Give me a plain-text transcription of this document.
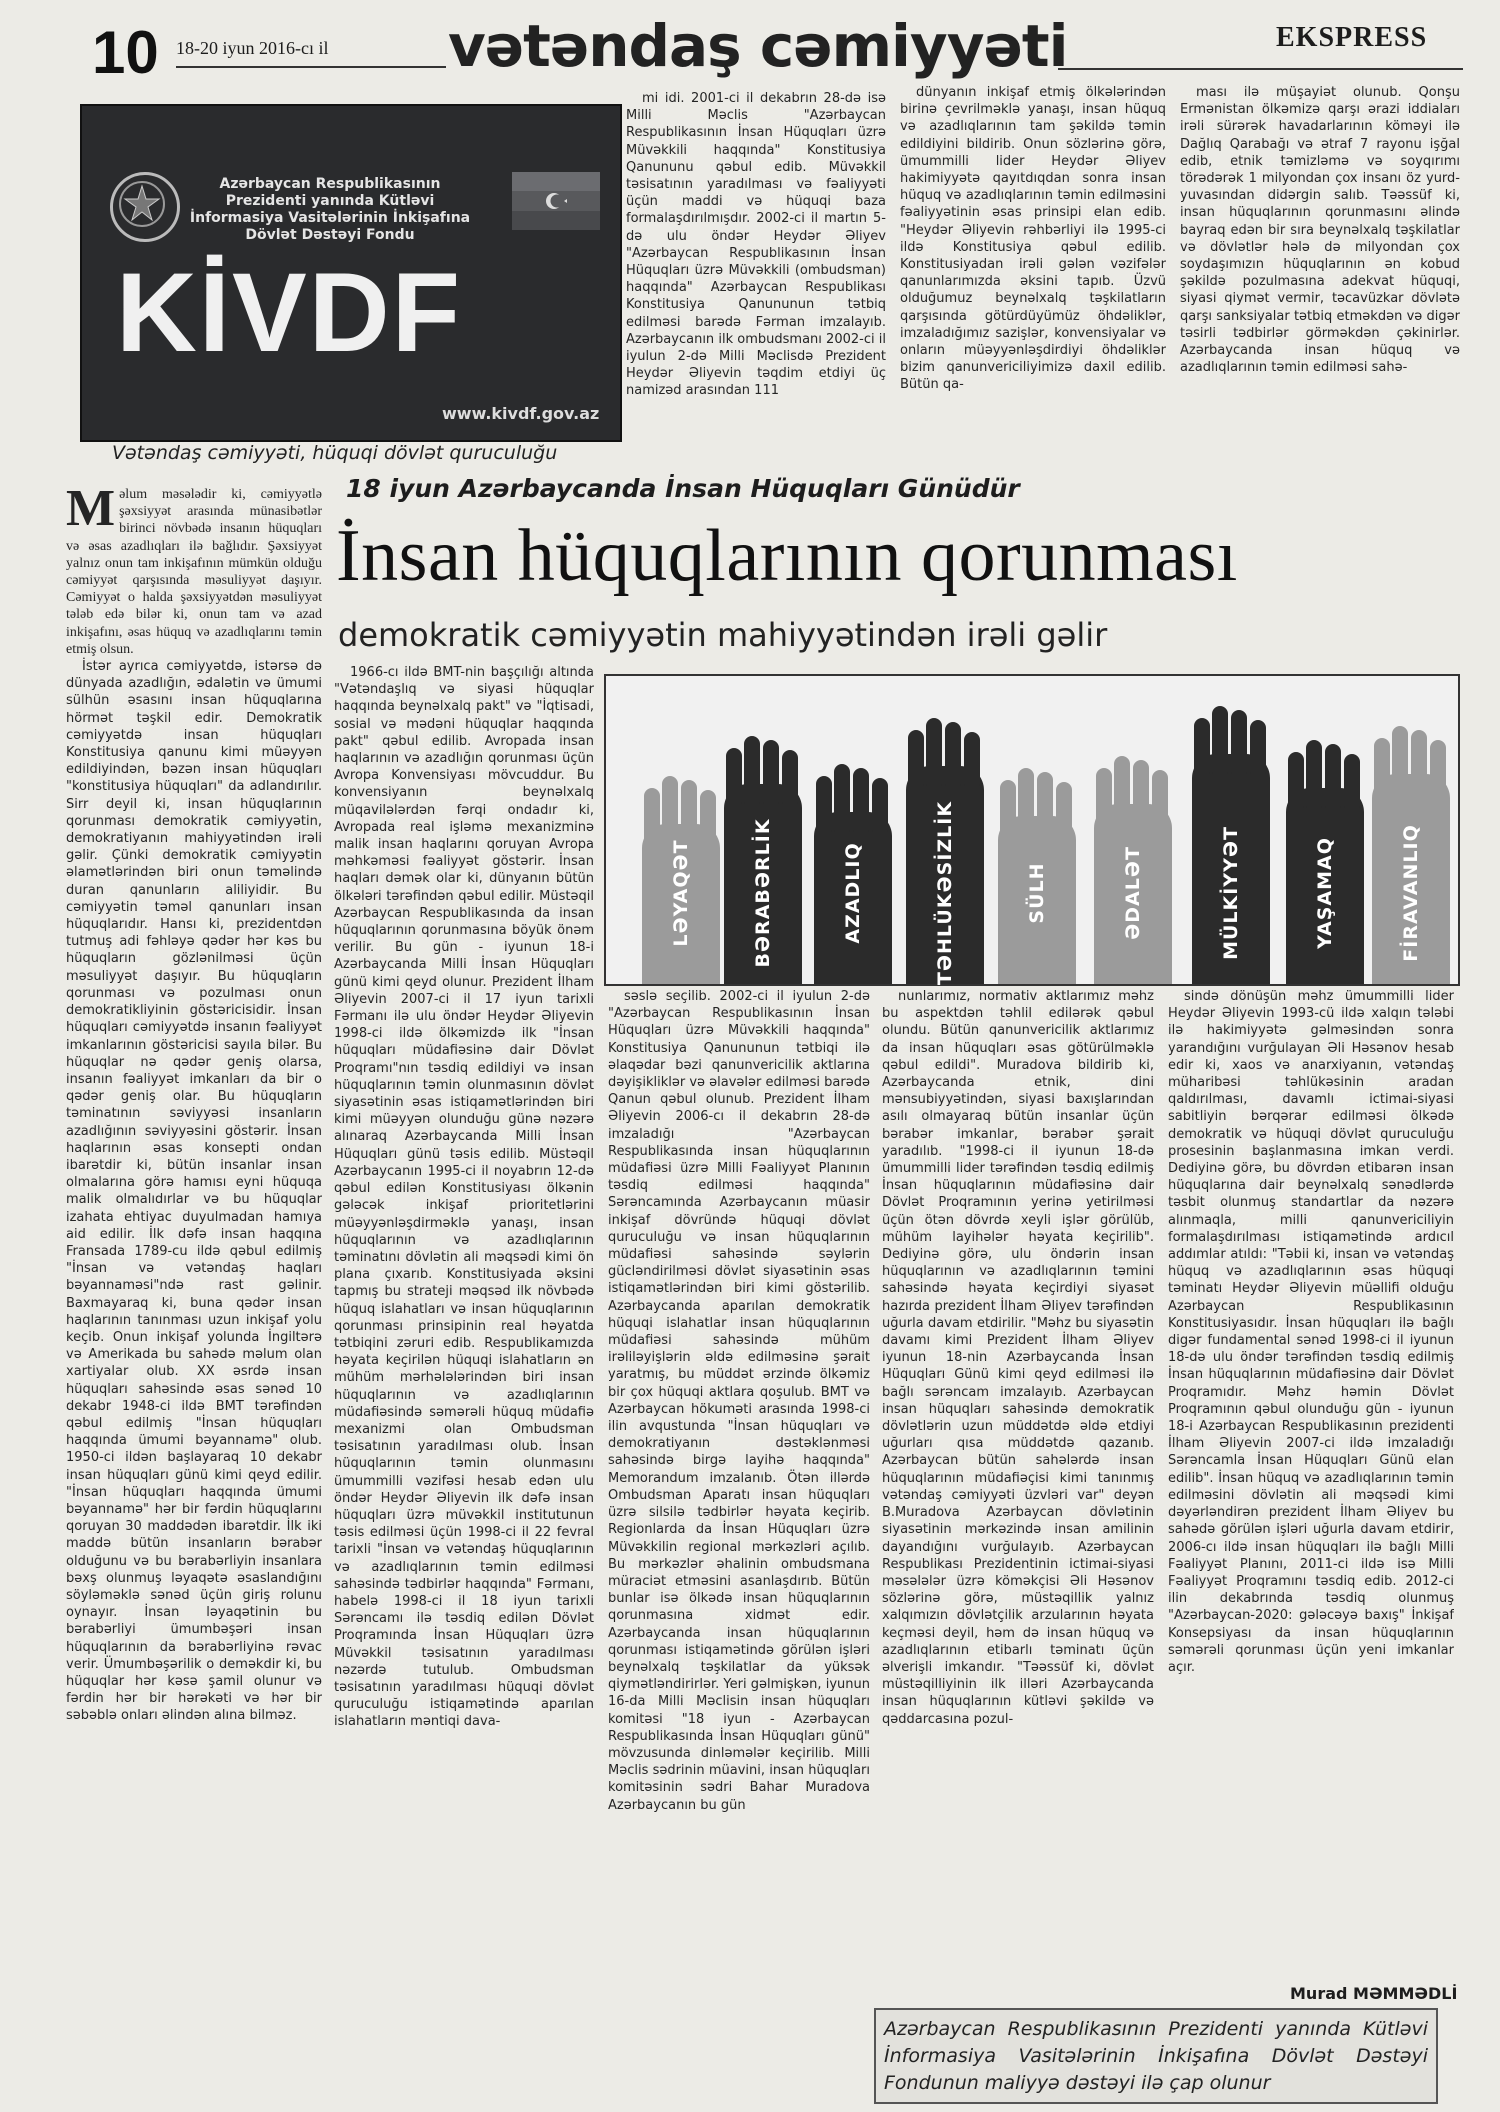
10 18-20 iyun 2016-cı il vətəndaş cəmiyyəti	EKSPRESS
Azərbaycan Respublikasının Prezidenti yanında Kütləvi İnformasiya Vasitələrinin İnkişafına Dövlət Dəstəyi Fondu
KİVDF
www.kivdf.gov.az
Vətəndaş cəmiyyəti, hüquqi dövlət quruculuğu
18 iyun Azərbaycanda İnsan Hüquqları Günüdür
İnsan hüquqlarının qorunması
demokratik cəmiyyətin mahiyyətindən irəli gəlir

mi idi. 2001-ci il dekabrın 28-də isə Milli Məclis "Azərbaycan Respublikasının İnsan Hüquqları üzrə Müvəkkili haqqında" Konstitusiya Qanununu qəbul edib. Müvəkkil təsisatının yaradılması və fəaliyyəti üçün maddi və hüquqi baza formalaşdırılmışdır. 2002-ci il martın 5-də ulu öndər Heydər Əliyev "Azərbaycan Respublikasının İnsan Hüquqları üzrə Müvəkkili (ombudsman) haqqında" Azərbaycan Respublikası Konstitusiya Qanununun tətbiq edilməsi barədə Fərman imzalayıb. Azərbaycanın ilk ombudsmanı 2002-ci il iyulun 2-də Milli Məclisdə Prezident Heydər Əliyevin təqdim etdiyi üç namizəd arasından 111

dünyanın inkişaf etmiş ölkələrindən birinə çevrilməklə yanaşı, insan hüquq və azadlıqlarının tam şəkildə təmin edildiyini bildirib. Onun sözlərinə görə, ümummilli lider Heydər Əliyev hakimiyyətə qayıtdıqdan sonra insan hüquq və azadlıqlarının təmin edilməsini fəaliyyətinin əsas prinsipi elan edib. "Heydər Əliyevin rəhbərliyi ilə 1995-ci ildə Konstitusiya qəbul edilib. Konstitusiyadan irəli gələn vəzifələr qanunlarımızda əksini tapıb. Üzvü olduğumuz beynəlxalq təşkilatların qarşısında götürdüyümüz öhdəliklər, imzaladığımız sazişlər, konvensiyalar və onların müəyyənləşdirdiyi öhdəliklər bizim qanunvericiliyimizə daxil edilib. Bütün qa-

ması ilə müşayiət olunub. Qonşu Ermənistan ölkəmizə qarşı ərazi iddiaları irəli sürərək havadarlarının köməyi ilə Dağlıq Qarabağı və ətraf 7 rayonu işğal edib, etnik təmizləmə və soyqırımı törədərək 1 milyondan çox insanı öz yurd-yuvasından didərgin salıb. Təəssüf ki, insan hüquqlarının qorunmasını əlində bayraq edən bir sıra beynəlxalq təşkilatlar və dövlətlər hələ də milyondan çox soydaşımızın hüquqlarının ən kobud şəkildə pozulmasına adekvat hüquqi, siyasi qiymət vermir, təcavüzkar dövlətə qarşı sanksiyalar tətbiq etməkdən və digər təsirli tədbirlər görməkdən çəkinirlər. Azərbaycanda insan hüquq və azadlıqlarının təmin edilməsi sahə-

Məlum məsələdir ki, cəmiyyətlə şəxsiyyət arasında münasibətlər birinci növbədə insanın hüquqları və əsas azadlıqları ilə bağlıdır. Şəxsiyyət yalnız onun tam inkişafının mümkün olduğu cəmiyyət qarşısında məsuliyyət daşıyır. Cəmiyyət o halda şəxsiyyətdən məsuliyyət tələb edə bilər ki, onun tam və azad inkişafını, əsas hüquq və azadlıqlarını təmin etmiş olsun.

İstər ayrıca cəmiyyətdə, istərsə də dünyada azadlığın, ədalətin və ümumi sülhün əsasını insan hüquqlarına hörmət təşkil edir. Demokratik cəmiyyətdə insan hüquqları Konstitusiya qanunu kimi müəyyən edildiyindən, bəzən insan hüquqları "konstitusiya hüquqları" da adlandırılır. Sirr deyil ki, insan hüquqlarının qorunması demokratik cəmiyyətin, demokratiyanın mahiyyətindən irəli gəlir. Çünki demokratik cəmiyyətin əlamətlərindən biri onun təməlində duran qanunların aliliyidir. Bu cəmiyyətin təməl qanunları insan hüquqlarıdır. Hansı ki, prezidentdən tutmuş adi fəhləyə qədər hər kəs bu hüquqların gözlənilməsi üçün məsuliyyət daşıyır. Bu hüquqların qorunması və pozulması onun demokratikliyinin göstəricisidir. İnsan hüquqları cəmiyyətdə insanın fəaliyyət imkanlarının göstəricisi sayıla bilər. Bu hüquqlar nə qədər geniş olarsa, insanın fəaliyyət imkanları da bir o qədər geniş olar. Bu hüquqların təminatının səviyyəsi insanların azadlığının səviyyəsini göstərir. İnsan haqlarının əsas konsepti ondan ibarətdir ki, bütün insanlar insan olmalarına görə hamısı eyni hüquqa malik olmalıdırlar və bu hüquqlar izahata ehtiyac duyulmadan hamıya aid edilir. İlk dəfə insan haqqına Fransada 1789-cu ildə qəbul edilmiş "İnsan və vətəndaş haqları bəyannaməsi"ndə rast gəlinir. Baxmayaraq ki, buna qədər insan haqlarının tanınması uzun inkişaf yolu keçib. Onun inkişaf yolunda İngiltərə və Amerikada bu sahədə məlum olan xartiyalar olub. XX əsrdə insan hüquqları sahəsində əsas sənəd 10 dekabr 1948-ci ildə BMT tərəfindən qəbul edilmiş "İnsan hüquqları haqqında ümumi bəyannamə" olub. 1950-ci ildən başlayaraq 10 dekabr insan hüquqları günü kimi qeyd edilir. "İnsan hüquqları haqqında ümumi bəyannamə" hər bir fərdin hüquqlarını qoruyan 30 maddədən ibarətdir. İlk iki maddə bütün insanların bərabər olduğunu və bu bərabərliyin insanlara bəxş olunmuş ləyaqətə əsaslandığını söyləməklə sənəd üçün giriş rolunu oynayır. İnsan ləyaqətinin bu bərabərliyi ümumbəşəri insan hüquqlarının da bərabərliyinə rəvac verir. Ümumbəşərilik o deməkdir ki, bu hüquqlar hər kəsə şamil olunur və fərdin hər bir hərəkəti və hər bir səbəblə onları əlindən alına bilməz.

LƏYAQƏT	BƏRABƏRLİK	AZADLIQ	TƏHLÜKƏSİZLİK	SÜLH	ƏDALƏT	MÜLKİYYƏT	YAŞAMAQ	FİRAVANLIQ

1966-cı ildə BMT-nin başçılığı altında "Vətəndaşlıq və siyasi hüquqlar haqqında beynəlxalq pakt" və "İqtisadi, sosial və mədəni hüquqlar haqqında pakt" qəbul edilib. Avropada insan haqlarının və azadlığın qorunması üçün Avropa Konvensiyası mövcuddur. Bu konvensiyanın beynəlxalq müqavilələrdən fərqi ondadır ki, Avropada real işləmə mexanizminə malik insan haqlarını qoruyan Avropa məhkəməsi fəaliyyət göstərir. İnsan haqları dəmək olar ki, dünyanın bütün ölkələri tərəfindən qəbul edilir. Müstəqil Azərbaycan Respublikasında da insan hüquqlarının qorunmasına böyük önəm verilir. Bu gün - iyunun 18-i Azərbaycanda Milli İnsan Hüquqları günü kimi qeyd olunur. Prezident İlham Əliyevin 2007-ci il 17 iyun tarixli Fərmanı ilə ulu öndər Heydər Əliyevin 1998-ci ildə ölkəmizdə ilk "İnsan hüquqları müdafiəsinə dair Dövlət Proqramı"nın təsdiq edildiyi və insan hüquqlarının təmin olunmasının dövlət siyasətinin əsas istiqamətlərindən biri kimi müəyyən olunduğu günə nəzərə alınaraq Azərbaycanda Milli İnsan Hüquqları günü təsis edilib. Müstəqil Azərbaycanın 1995-ci il noyabrın 12-də qəbul edilən Konstitusiyası ölkənin gələcək inkişaf prioritetlərini müəyyənləşdirməklə yanaşı, insan hüquqlarının və azadlıqlarının təminatını dövlətin ali məqsədi kimi ön plana çıxarıb. Konstitusiyada əksini tapmış bu strateji məqsəd ilk növbədə hüquq islahatları və insan hüquqlarının qorunması prinsipinin real həyatda tətbiqini zəruri edib. Respublikamızda həyata keçirilən hüquqi islahatların ən mühüm mərhələlərindən biri insan hüquqlarının və azadlıqlarının müdafiəsində səmərəli hüquq müdafiə mexanizmi olan Ombudsman təsisatının yaradılması olub. İnsan hüquqlarının təmin olunmasını ümummilli vəzifəsi hesab edən ulu öndər Heydər Əliyevin ilk dəfə insan hüquqları üzrə müvəkkil institutunun təsis edilməsi üçün 1998-ci il 22 fevral tarixli "İnsan və vətəndaş hüquqlarının və azadlıqlarının təmin edilməsi sahəsində tədbirlər haqqında" Fərmanı, habelə 1998-ci il 18 iyun tarixli Sərəncamı ilə təsdiq edilən Dövlət Proqramında İnsan Hüquqları üzrə Müvəkkil təsisatının yaradılması nəzərdə tutulub. Ombudsman təsisatının yaradılması hüquqi dövlət quruculuğu istiqamətində aparılan islahatların məntiqi dava-

səslə seçilib. 2002-ci il iyulun 2-də "Azərbaycan Respublikasının İnsan Hüquqları üzrə Müvəkkili haqqında" Konstitusiya Qanununun tətbiqi ilə əlaqədar bəzi qanunvericilik aktlarına dəyişikliklər və əlavələr edilməsi barədə Qanun qəbul olunub. Prezident İlham Əliyevin 2006-cı il dekabrın 28-də imzaladığı "Azərbaycan Respublikasında insan hüquqlarının müdafiəsi üzrə Milli Fəaliyyət Planının təsdiq edilməsi haqqında" Sərəncamında Azərbaycanın müasir inkişaf dövründə hüquqi dövlət quruculuğu və insan hüquqlarının müdafiəsi sahəsində səylərin gücləndirilməsi dövlət siyasətinin əsas istiqamətlərindən biri kimi göstərilib. Azərbaycanda aparılan demokratik hüquqi islahatlar insan hüquqlarının müdafiəsi sahəsində mühüm irəliləyişlərin əldə edilməsinə şərait yaratmış, bu müddət ərzində ölkəmiz bir çox hüquqi aktlara qoşulub. BMT və Azərbaycan hökuməti arasında 1998-ci ilin avqustunda "İnsan hüquqları və demokratiyanın dəstəklənməsi sahəsində birgə layihə haqqında" Memorandum imzalanıb. Ötən illərdə Ombudsman Aparatı insan hüquqları üzrə silsilə tədbirlər həyata keçirib. Regionlarda da İnsan Hüquqları üzrə Müvəkkilin regional mərkəzləri açılıb. Bu mərkəzlər əhalinin ombudsmana müraciət etməsini asanlaşdırıb. Bütün bunlar isə ölkədə insan hüquqlarının qorunmasına xidmət edir. Azərbaycanda insan hüquqlarının qorunması istiqamətində görülən işləri beynəlxalq təşkilatlar da yüksək qiymətləndirirlər. Yeri gəlmişkən, iyunun 16-da Milli Məclisin insan hüquqları komitəsi "18 iyun - Azərbaycan Respublikasında İnsan Hüquqları günü" mövzusunda dinləmələr keçirilib. Milli Məclis sədrinin müavini, insan hüquqları komitəsinin sədri Bahar Muradova Azərbaycanın bu gün

nunlarımız, normativ aktlarımız məhz bu aspektdən təhlil edilərək qəbul olundu. Bütün qanunvericilik aktlarımız da insan hüquqları əsas götürülməklə qəbul edildi". Muradova bildirib ki, Azərbaycanda etnik, dini mənsubiyyətindən, siyasi baxışlarından asılı olmayaraq bütün insanlar üçün bərabər imkanlar, bərabər şərait yaradılıb. "1998-ci il iyunun 18-də ümummilli lider tərəfindən təsdiq edilmiş İnsan hüquqlarının müdafiəsinə dair Dövlət Proqramının yerinə yetirilməsi üçün ötən dövrdə xeyli işlər görülüb, mühüm layihələr həyata keçirilib". Dediyinə görə, ulu öndərin insan hüquqlarının və azadlıqlarının təmini sahəsində həyata keçirdiyi siyasət hazırda prezident İlham Əliyev tərəfindən uğurla davam etdirilir. "Məhz bu siyasətin davamı kimi Prezident İlham Əliyev iyunun 18-nin Azərbaycanda İnsan Hüquqları Günü kimi qeyd edilməsi ilə bağlı sərəncam imzalayıb. Azərbaycan insan hüquqları sahəsində demokratik dövlətlərin uzun müddətdə əldə etdiyi uğurları qısa müddətdə qazanıb. Azərbaycan bütün sahələrdə insan hüquqlarının müdafiəçisi kimi tanınmış vətəndaş cəmiyyəti üzvləri var" deyən B.Muradova Azərbaycan dövlətinin siyasətinin mərkəzində insan amilinin dayandığını vurğulayıb. Azərbaycan Respublikası Prezidentinin ictimai-siyasi məsələlər üzrə köməkçisi Əli Həsənov sözlərinə görə, müstəqillik yalnız xalqımızın dövlətçilik arzularının həyata keçməsi deyil, həm də insan hüquq və azadlıqlarının etibarlı təminatı üçün əlverişli imkandır. "Təəssüf ki, dövlət müstəqilliyinin ilk illəri Azərbaycanda insan hüquqlarının kütləvi şəkildə və qəddarcasına pozul-

sində dönüşün məhz ümummilli lider Heydər Əliyevin 1993-cü ildə xalqın tələbi ilə hakimiyyətə gəlməsindən sonra yarandığını vurğulayan Əli Həsənov hesab edir ki, xaos və anarxiyanın, vətəndaş müharibəsi təhlükəsinin aradan qaldırılması, davamlı ictimai-siyasi sabitliyin bərqərar edilməsi ölkədə demokratik və hüquqi dövlət quruculuğu prosesinin başlanmasına imkan verdi. Dediyinə görə, bu dövrdən etibarən insan hüquqlarına dair beynəlxalq sənədlərdə təsbit olunmuş standartlar da nəzərə alınmaqla, milli qanunvericiliyin formalaşdırılması istiqamətində ardıcıl addımlar atıldı: "Təbii ki, insan və vətəndaş hüquq və azadlıqlarının əsas hüquqi təminatı Heydər Əliyevin müəllifi olduğu Azərbaycan Respublikasının Konstitusiyasıdır. İnsan hüquqları ilə bağlı digər fundamental sənəd 1998-ci il iyunun 18-də ulu öndər tərəfindən təsdiq edilmiş İnsan hüquqlarının müdafiəsinə dair Dövlət Proqramıdır. Məhz həmin Dövlət Proqramının qəbul olunduğu gün - iyunun 18-i Azərbaycan Respublikasının prezidenti İlham Əliyevin 2007-ci ildə imzaladığı Sərəncamla İnsan Hüquqları Günü elan edilib". İnsan hüquq və azadlıqlarının təmin edilməsini dövlətin ali məqsədi kimi dəyərləndirən prezident İlham Əliyev bu sahədə görülən işləri uğurla davam etdirir, 2006-cı ildə insan hüquqları ilə bağlı Milli Fəaliyyət Planını, 2011-ci ildə isə Milli Fəaliyyət Proqramını təsdiq edib. 2012-ci ilin dekabrında təsdiq olunmuş "Azərbaycan-2020: gələcəyə baxış" İnkişaf Konsepsiyası da insan hüquqlarının səmərəli qorunması üçün yeni imkanlar açır.

Murad MƏMMƏDLİ
Azərbaycan Respublikasının Prezidenti yanında Kütləvi İnformasiya Vasitələrinin İnkişafına Dövlət Dəstəyi Fondunun maliyyə dəstəyi ilə çap olunur
